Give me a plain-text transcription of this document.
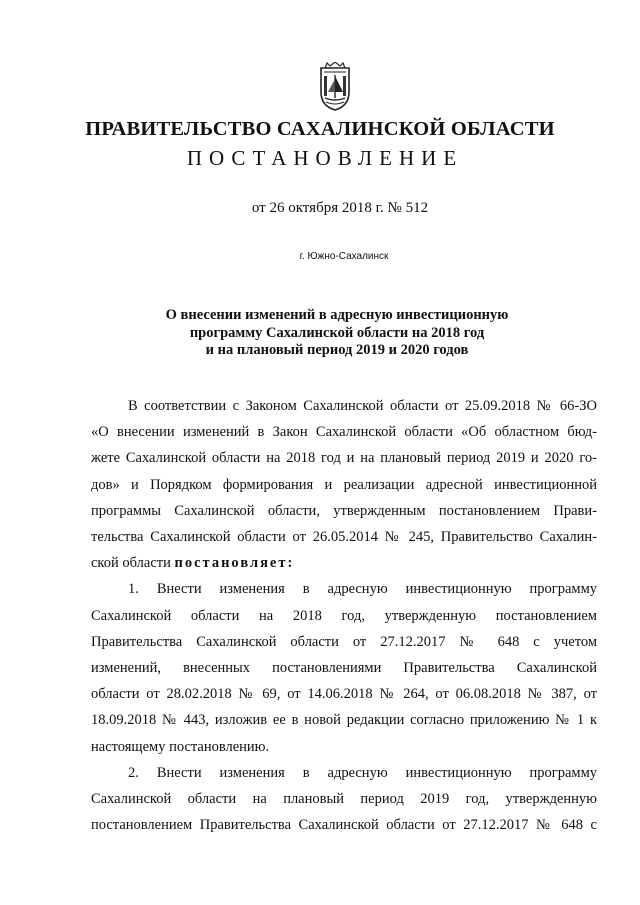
ПРАВИТЕЛЬСТВО САХАЛИНСКОЙ ОБЛАСТИ
ПОСТАНОВЛЕНИЕ
от 26 октября 2018 г. № 512
г. Южно-Сахалинск
О внесении изменений в адресную инвестиционную
программу Сахалинской области на 2018 год
и на плановый период 2019 и 2020 годов
В соответствии с Законом Сахалинской области от 25.09.2018 № 66-ЗО
«О внесении изменений в Закон Сахалинской области «Об областном бюд-
жете Сахалинской области на 2018 год и на плановый период 2019 и 2020 го-
дов» и Порядком формирования и реализации адресной инвестиционной
программы Сахалинской области, утвержденным постановлением Прави-
тельства Сахалинской области от 26.05.2014 № 245, Правительство Сахалин-
ской области постановляет:
1. Внести изменения в адресную инвестиционную программу
Сахалинской области на 2018 год, утвержденную постановлением
Правительства Сахалинской области от 27.12.2017 № 648 с учетом
изменений, внесенных постановлениями Правительства Сахалинской
области от 28.02.2018 № 69, от 14.06.2018 № 264, от 06.08.2018 № 387, от
18.09.2018 № 443, изложив ее в новой редакции согласно приложению № 1 к
настоящему постановлению.
2. Внести изменения в адресную инвестиционную программу
Сахалинской области на плановый период 2019 год, утвержденную
постановлением Правительства Сахалинской области от 27.12.2017 № 648 с
